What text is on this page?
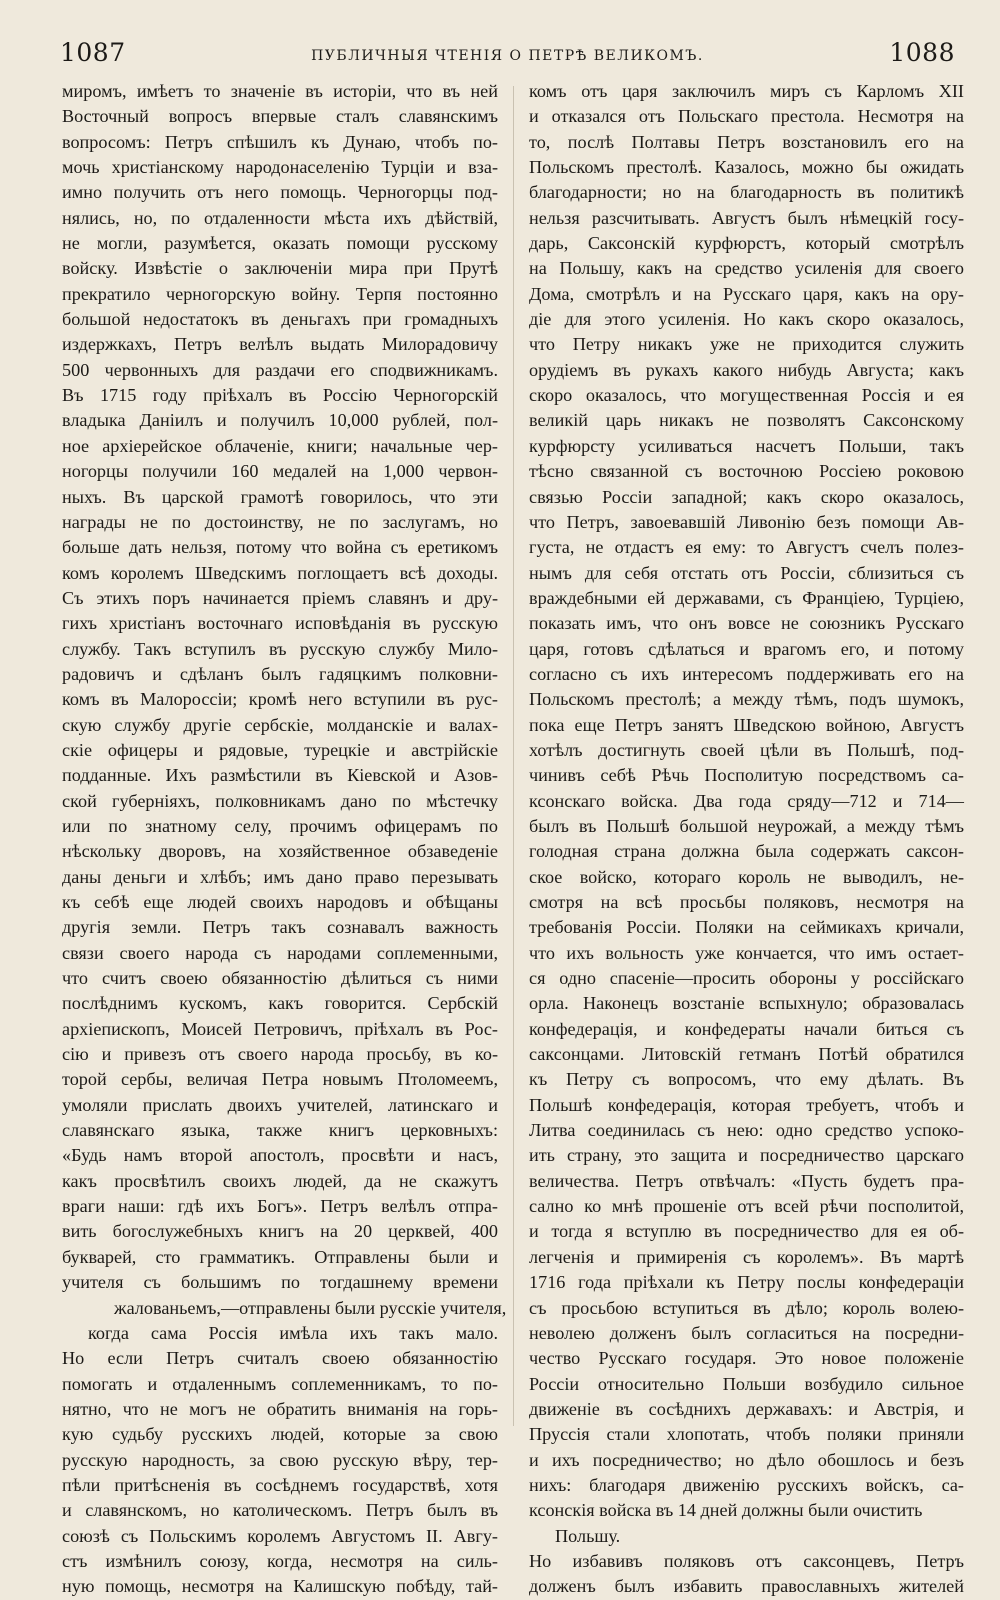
1087	ПУБЛИЧНЫЯ ЧТЕНІЯ О ПЕТРѢ ВЕЛИКОМЪ.	1088
миромъ, имѣетъ то значеніе въ исторіи, что въ ней
Восточный вопросъ впервые сталъ славянскимъ
вопросомъ: Петръ спѣшилъ къ Дунаю, чтобъ по-
мочь христіанскому народонаселенію Турціи и вза-
имно получить отъ него помощь. Черногорцы под-
нялись, но, по отдаленности мѣста ихъ дѣйствій,
не могли, разумѣется, оказать помощи русскому
войску. Извѣстіе о заключеніи мира при Прутѣ
прекратило черногорскую войну. Терпя постоянно
большой недостатокъ въ деньгахъ при громадныхъ
издержкахъ, Петръ велѣлъ выдать Милорадовичу
500 червонныхъ для раздачи его сподвижникамъ.
Въ 1715 году пріѣхалъ въ Россію Черногорскій
владыка Даніилъ и получилъ 10,000 рублей, пол-
ное архіерейское облаченіе, книги; начальные чер-
ногорцы получили 160 медалей на 1,000 червон-
ныхъ. Въ царской грамотѣ говорилось, что эти
награды не по достоинству, не по заслугамъ, но
больше дать нельзя, потому что война съ еретикомъ
комъ королемъ Шведскимъ поглощаетъ всѣ доходы.
Съ этихъ поръ начинается пріемъ славянъ и дру-
гихъ христіанъ восточнаго исповѣданія въ русскую
службу. Такъ вступилъ въ русскую службу Мило-
радовичъ и сдѣланъ былъ гадяцкимъ полковни-
комъ въ Малороссіи; кромѣ него вступили въ рус-
скую службу другіе сербскіе, молданскіе и валах-
скіе офицеры и рядовые, турецкіе и австрійскіе
подданные. Ихъ размѣстили въ Кіевской и Азов-
ской губерніяхъ, полковникамъ дано по мѣстечку
или по знатному селу, прочимъ офицерамъ по
нѣскольку дворовъ, на хозяйственное обзаведеніе
даны деньги и хлѣбъ; имъ дано право перезывать
къ себѣ еще людей своихъ народовъ и обѣщаны
другія земли. Петръ такъ сознавалъ важность
связи своего народа съ народами соплеменными,
что считъ своею обязанностію дѣлиться съ ними
послѣднимъ кускомъ, какъ говорится. Сербскій
архіепископъ, Моисей Петровичъ, пріѣхалъ въ Рос-
сію и привезъ отъ своего народа просьбу, въ ко-
торой сербы, величая Петра новымъ Птоломеемъ,
умоляли прислать двоихъ учителей, латинскаго и
славянскаго языка, также книгъ церковныхъ:
«Будь намъ второй апостолъ, просвѣти и насъ,
какъ просвѣтилъ своихъ людей, да не скажутъ
враги наши: гдѣ ихъ Богъ». Петръ велѣлъ отпра-
вить богослужебныхъ книгъ на 20 церквей, 400
букварей, сто грамматикъ. Отправлены были и
учителя съ большимъ по тогдашнему времени
жалованьемъ,—отправлены были русскіе учителя,
когда сама Россія имѣла ихъ такъ мало.
Но если Петръ считалъ своею обязанностію
помогать и отдаленнымъ соплеменникамъ, то по-
нятно, что не могъ не обратить вниманія на горь-
кую судьбу русскихъ людей, которые за свою
русскую народность, за свою русскую вѣру, тер-
пѣли притѣсненія въ сосѣднемъ государствѣ, хотя
и славянскомъ, но католическомъ. Петръ былъ въ
союзѣ съ Польскимъ королемъ Августомъ II. Авгу-
стъ измѣнилъ союзу, когда, несмотря на силь-
ную помощь, несмотря на Калишскую побѣду, тай-
комъ отъ царя заключилъ миръ съ Карломъ XII
и отказался отъ Польскаго престола. Несмотря на
то, послѣ Полтавы Петръ возстановилъ его на
Польскомъ престолѣ. Казалось, можно бы ожидать
благодарности; но на благодарность въ политикѣ
нельзя разсчитывать. Августъ былъ нѣмецкій госу-
дарь, Саксонскій курфюрстъ, который смотрѣлъ
на Польшу, какъ на средство усиленія для своего
Дома, смотрѣлъ и на Русскаго царя, какъ на ору-
діе для этого усиленія. Но какъ скоро оказалось,
что Петру никакъ уже не приходится служить
орудіемъ въ рукахъ какого нибудь Августа; какъ
скоро оказалось, что могущественная Россія и ея
великій царь никакъ не позволятъ Саксонскому
курфюрсту усиливаться насчетъ Польши, такъ
тѣсно связанной съ восточною Россіею роковою
связью Россіи западной; какъ скоро оказалось,
что Петръ, завоевавшій Ливонію безъ помощи Ав-
густа, не отдастъ ея ему: то Августъ счелъ полез-
нымъ для себя отстать отъ Россіи, сблизиться съ
враждебными ей державами, съ Франціею, Турціею,
показать имъ, что онъ вовсе не союзникъ Русскаго
царя, готовъ сдѣлаться и врагомъ его, и потому
согласно съ ихъ интересомъ поддерживать его на
Польскомъ престолѣ; а между тѣмъ, подъ шумокъ,
пока еще Петръ занятъ Шведскою войною, Августъ
хотѣлъ достигнуть своей цѣли въ Польшѣ, под-
чинивъ себѣ Рѣчь Посполитую посредствомъ са-
ксонскаго войска. Два года сряду—712 и 714—
былъ въ Польшѣ большой неурожай, а между тѣмъ
голодная страна должна была содержать саксон-
ское войско, котораго король не выводилъ, не-
смотря на всѣ просьбы поляковъ, несмотря на
требованія Россіи. Поляки на сеймикахъ кричали,
что ихъ вольность уже кончается, что имъ остает-
ся одно спасеніе—просить обороны у россійскаго
орла. Наконецъ возстаніе вспыхнуло; образовалась
конфедерація, и конфедераты начали биться съ
саксонцами. Литовскій гетманъ Потѣй обратился
къ Петру съ вопросомъ, что ему дѣлать. Въ
Польшѣ конфедерація, которая требуетъ, чтобъ и
Литва соединилась съ нею: одно средство успоко-
ить страну, это защита и посредничество царскаго
величества. Петръ отвѣчалъ: «Пусть будетъ пра-
сално ко мнѣ прошеніе отъ всей рѣчи посполитой,
и тогда я вступлю въ посредничество для ея об-
легченія и примиренія съ королемъ». Въ мартѣ
1716 года пріѣхали къ Петру послы конфедераціи
съ просьбою вступиться въ дѣло; король волею-
неволею долженъ былъ согласиться на посредни-
чество Русскаго государя. Это новое положеніе
Россіи относительно Польши возбудило сильное
движеніе въ сосѣднихъ державахъ: и Австрія, и
Пруссія стали хлопотать, чтобъ поляки приняли
и ихъ посредничество; но дѣло обошлось и безъ
нихъ: благодаря движенію русскихъ войскъ, са-
ксонскія войска въ 14 дней должны были очистить
Польшу.
Но избавивъ поляковъ отъ саксонцевъ, Петръ
долженъ былъ избавить православныхъ жителей
